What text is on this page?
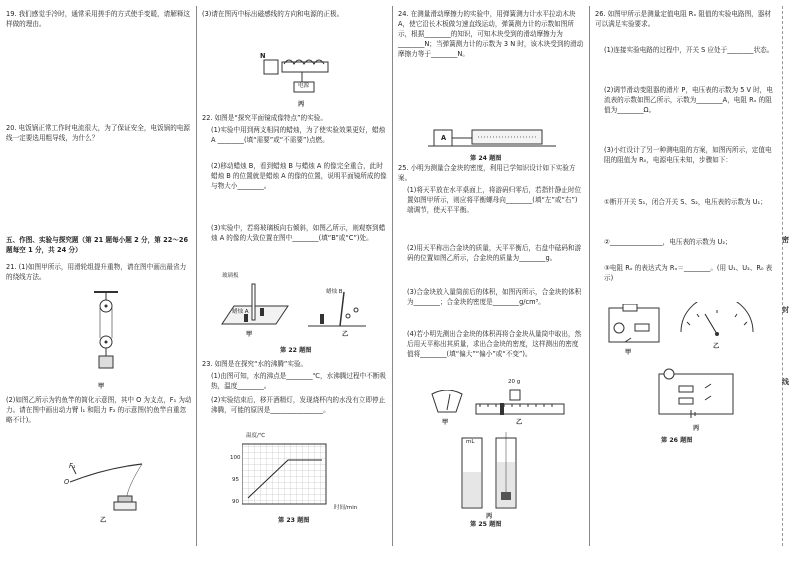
密
封
线

19. 我们感觉手冷时，通常采用搓手的方式使手变暖，请解释这样做的理由。

20. 电饭锅正常工作时电流很大，为了保证安全，电饭锅的电源线一定要选用粗导线，为什么？

五、作图、实验与探究题（第 21 题每小题 2 分，第 22～26 题每空 1 分，共 24 分）

21. (1)如图甲所示，用滑轮组提升重物，请在图中画出最省力的绕线方法。

甲

(2)如图乙所示为钓鱼竿的简化示意图，其中 O 为支点，F₁ 为动力。请在图中画出动力臂 l₁ 和阻力 F₂ 的示意图(钓鱼竿自重忽略不计)。

F₁
O
乙

(3)请在图丙中标出磁感线的方向和电源的正极。

N
电源
丙

22. 如图是“探究平面镜成像特点”的实验。

(1)实验中用到两支相同的蜡烛，为了使实验效果更好，蜡烛 A ________(填“需要”或“不需要”)点燃。

(2)移动蜡烛 B，看到蜡烛 B 与蜡烛 A 的像完全重合，此时蜡烛 B 的位置就是蜡烛 A 的像的位置，说明平面镜所成的像与物大小________。

(3)实验中，若将玻璃板向右倾斜，如图乙所示，则观察到蜡烛 A 的像的大致位置在图中________(填“B”或“C”)处。

玻璃板
蜡烛 A
蜡烛 B
甲	乙
第 22 题图

23. 如图是在探究“水的沸腾”实验。

(1)由图可知，水的沸点是________℃，水沸腾过程中不断吸热，温度________。

(2)实验结束后，移开酒精灯，发现烧杯内的水没有立即停止沸腾，可能的原因是________________。

温度/℃
100
95
90
时间/min
第 23 题图

24. 在测量滑动摩擦力的实验中，用弹簧测力计水平拉动木块 A，使它沿长木板做匀速直线运动，弹簧测力计的示数如图所示，根据________的知识，可知木块受到的滑动摩擦力为________N；当弹簧测力计的示数为 3 N 时，该木块受到的滑动摩擦力等于________N。

A
第 24 题图

25. 小明为测量合金块的密度，利用已学知识设计如下实验方案。

(1)将天平放在水平桌面上，将游码归零后，若指针静止时位置如图甲所示，则应将平衡螺母向________(填“左”或“右”)端调节，使天平平衡。

(2)用天平称出合金块的质量，天平平衡后，右盘中砝码和游码的位置如图乙所示，合金块的质量为________g。

(3)合金块放入量筒前后的体积，如图丙所示，合金块的体积为________；合金块的密度是________g/cm³。

(4)若小明先测出合金块的体积再将合金块从量筒中取出，然后用天平称出其质量，求出合金块的密度，这样测出的密度值将________(填“偏大”“偏小”或“不变”)。

20 g
甲	乙
mL
丙
第 25 题图

26. 如图甲所示是测量定值电阻 Rₓ 阻值的实验电路图，器材可以满足实验要求。

(1)连接实验电路的过程中，开关 S 应处于________状态。

(2)调节滑动变阻器的滑片 P，电压表的示数为 5 V 时，电流表的示数如图乙所示，示数为________A，电阻 Rₓ 的阻值为________Ω。

(3)小红设计了另一种测电阻的方案，如图丙所示，定值电阻的阻值为 R₀，电源电压未知，步骤如下：

①断开开关 S₁，闭合开关 S、S₂，电压表的示数为 U₁；

②________________，电压表的示数为 U₂；

③电阻 Rₓ 的表达式为 Rₓ＝________。(用 U₁、U₂、R₀ 表示)

甲
乙
丙
第 26 题图
